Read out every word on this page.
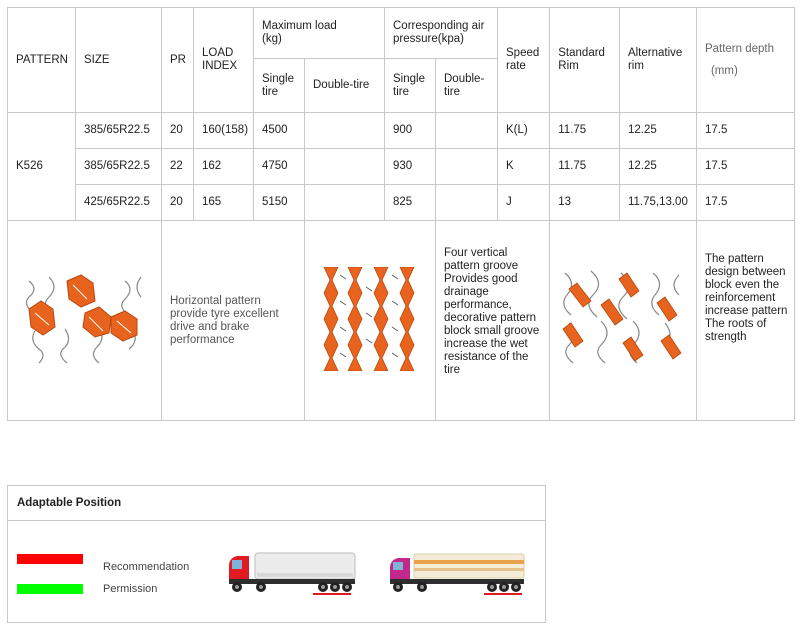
PATTERN	SIZE	PR	LOAD INDEX	Maximum load (kg)		Corresponding air pressure(kpa)		Speed rate	Standard Rim	Alternative rim	Pattern depth
(mm)

				Single tire	Double-tire	Single tire	Double-tire				
K526	385/65R22.5	20	160(158)	4500		900		K(L)	11.75	12.25	17.5
	385/65R22.5	22	162	4750		930		K	11.75	12.25	17.5
	425/65R22.5	20	165	5150		825		J	13	11.75,13.00	17.5
	Horizontal pattern
provide tyre excellent
drive and brake
performance					Four vertical pattern groove Provides good drainage performance, decorative pattern block small groove increase the wet resistance of the tire				The pattern design between block even the reinforcement increase pattern The roots of strength
Adaptable Position
Recommendation
Permission
